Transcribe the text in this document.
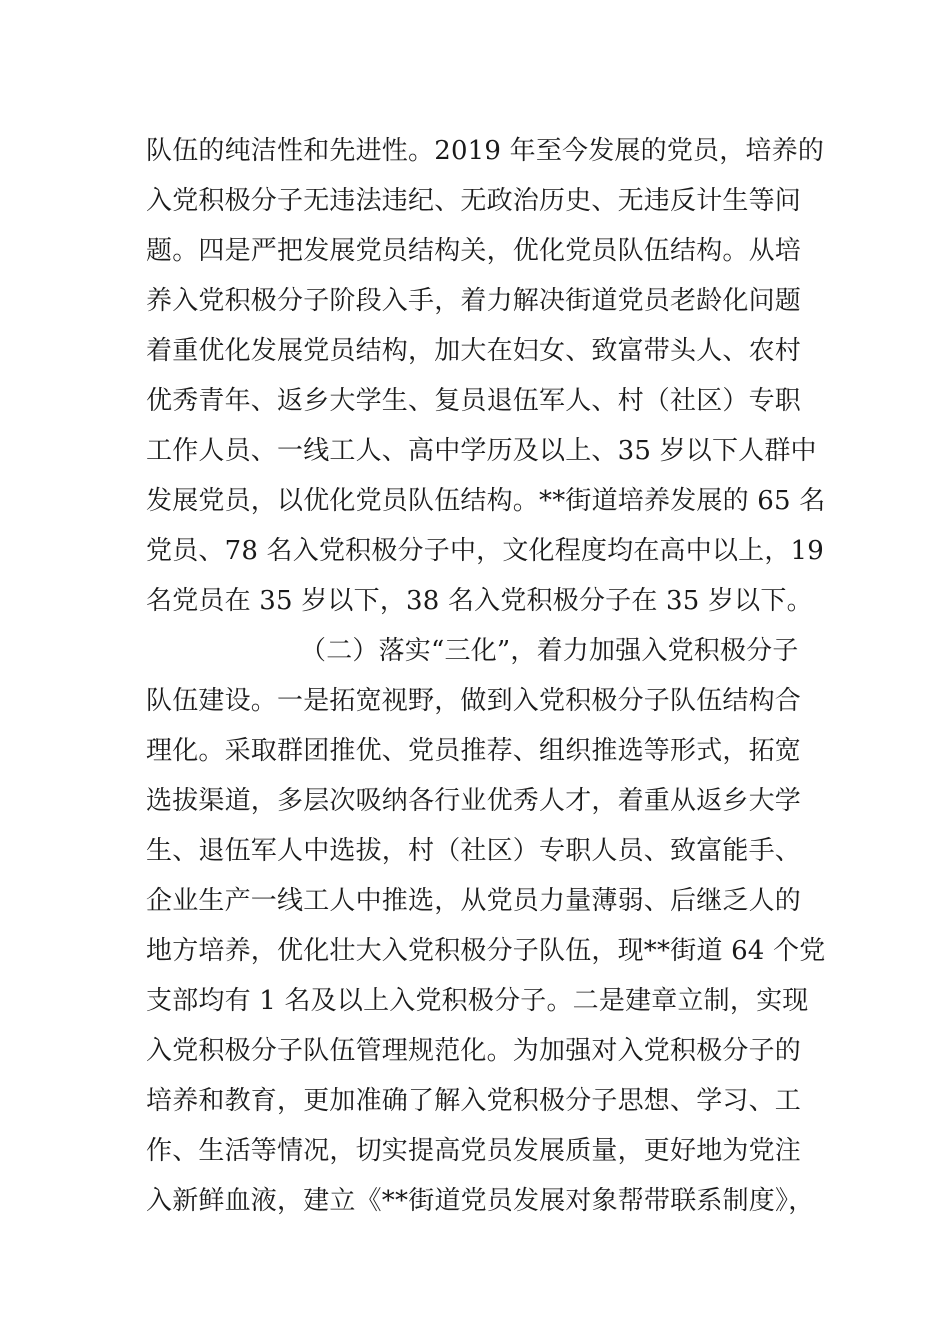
队伍的纯洁性和先进性。2019 年至今发展的党员，培养的
入党积极分子无违法违纪、无政治历史、无违反计生等问
题。四是严把发展党员结构关，优化党员队伍结构。从培
养入党积极分子阶段入手，着力解决街道党员老龄化问题
着重优化发展党员结构，加大在妇女、致富带头人、农村
优秀青年、返乡大学生、复员退伍军人、村（社区）专职
工作人员、一线工人、高中学历及以上、35 岁以下人群中
发展党员，以优化党员队伍结构。**街道培养发展的 65 名
党员、78 名入党积极分子中，文化程度均在高中以上，19
名党员在 35 岁以下，38 名入党积极分子在 35 岁以下。
（二）落实“三化”，着力加强入党积极分子
队伍建设。一是拓宽视野，做到入党积极分子队伍结构合
理化。采取群团推优、党员推荐、组织推选等形式，拓宽
选拔渠道，多层次吸纳各行业优秀人才，着重从返乡大学
生、退伍军人中选拔，村（社区）专职人员、致富能手、
企业生产一线工人中推选，从党员力量薄弱、后继乏人的
地方培养，优化壮大入党积极分子队伍，现**街道 64 个党
支部均有 1 名及以上入党积极分子。二是建章立制，实现
入党积极分子队伍管理规范化。为加强对入党积极分子的
培养和教育，更加准确了解入党积极分子思想、学习、工
作、生活等情况，切实提高党员发展质量，更好地为党注
入新鲜血液，建立《**街道党员发展对象帮带联系制度》，
